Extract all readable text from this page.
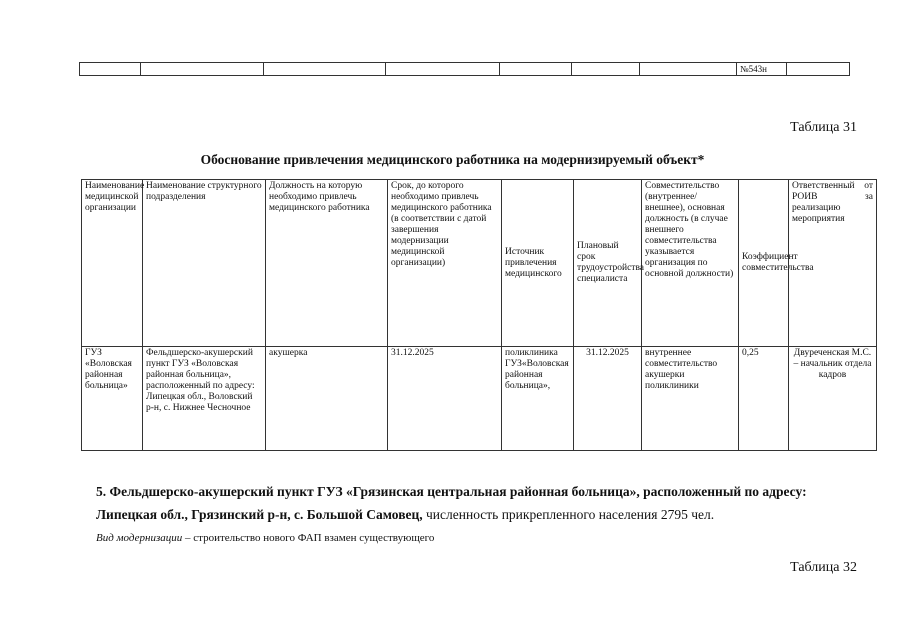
							№543н	
Таблица 31
Обоснование привлечения медицинского работника на модернизируемый объект*
Наименование медицинской организации	Наименование структурного подразделения	Должность на которую необходимо привлечь медицинского работника	Срок, до которого необходимо привлечь медицинского работника (в соответствии с датой завершения модернизации медицинской организации)	Источник привлечения медицинского	Плановый срок трудоустройства специалиста	Совместительство (внутреннее/внешнее), основная должность (в случае внешнего совместительства указывается организация по основной должности)	Коэффициент совместительства	Ответственный от РОИВ за реализацию мероприятия
ГУЗ «Воловская районная больница»	Фельдшерско-акушерский пункт ГУЗ «Воловская районная больница», расположенный по адресу: Липецкая обл., Воловский р-н, с. Нижнее Чесночное	акушерка	31.12.2025	поликлиника ГУЗ«Воловская районная больница»,	31.12.2025	внутреннее совместительство акушерки поликлиники	0,25	Двуреченская М.С. – начальник отдела кадров
5. Фельдшерско-акушерский пункт ГУЗ «Грязинская центральная районная больница», расположенный по адресу: Липецкая обл., Грязинский р-н, с. Большой Самовец, численность прикрепленного населения 2795 чел.
Вид модернизации – строительство нового ФАП взамен существующего
Таблица 32
